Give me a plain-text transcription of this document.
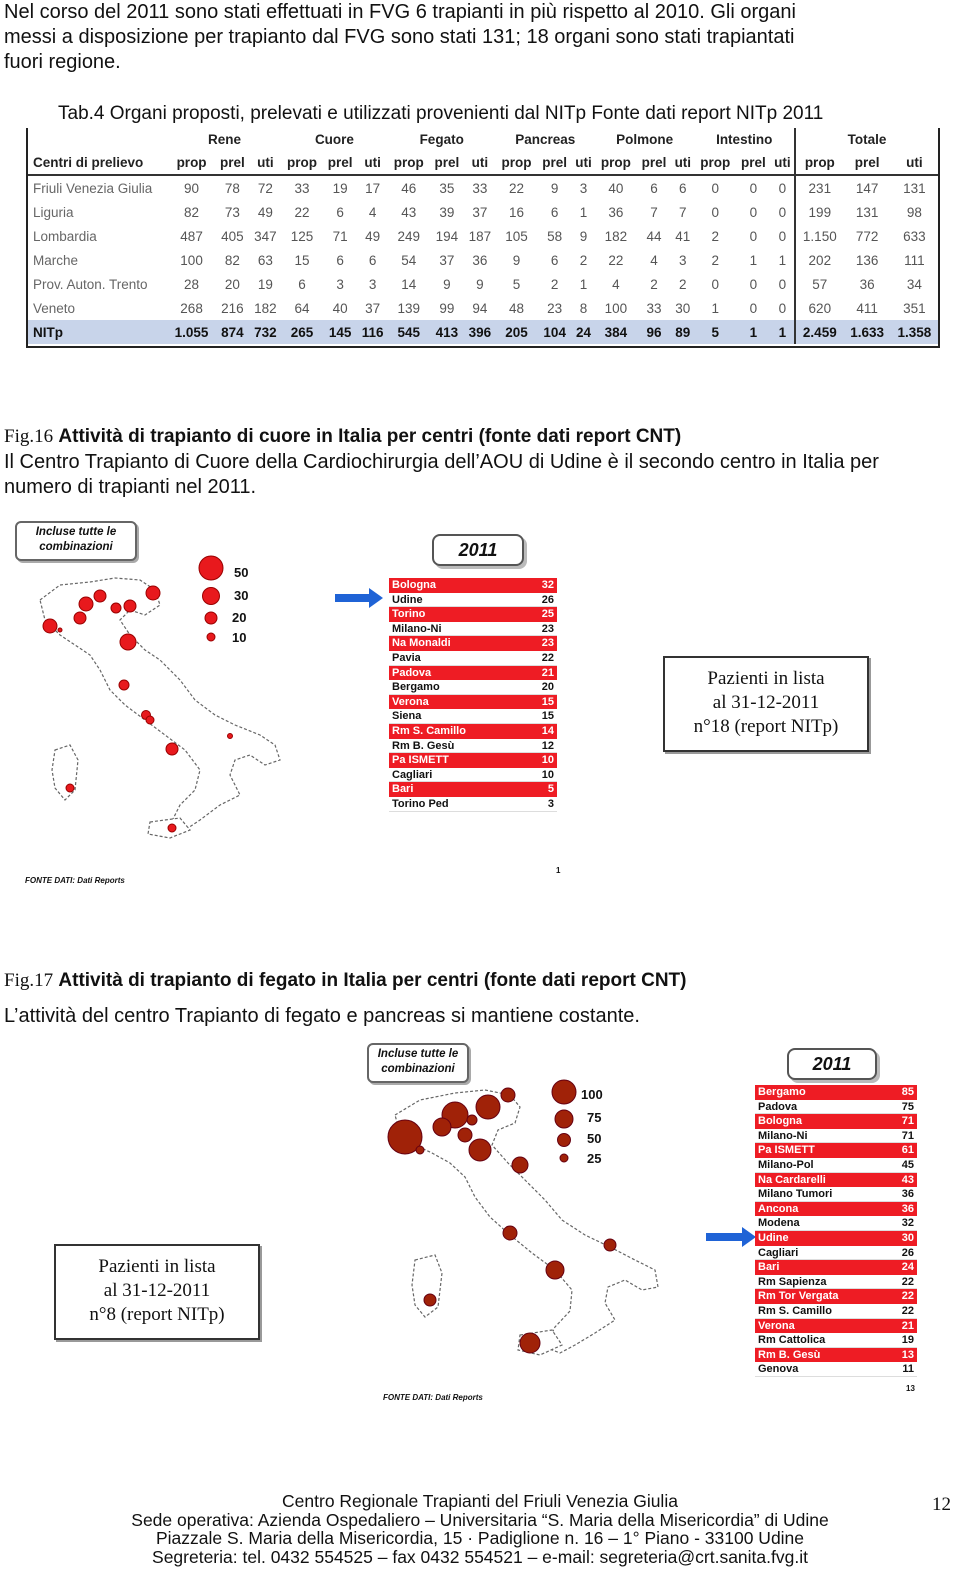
Nel corso del 2011 sono stati effettuati in FVG 6 trapianti in più rispetto al 2010. Gli organi
messi a disposizione per trapianto dal FVG sono stati 131; 18 organi sono stati trapiantati
fuori regione.
Tab.4 Organi proposti, prelevati e utilizzati provenienti dal NITp Fonte dati report NITp 2011
	Rene			Cuore			Fegato			Pancreas			Polmone			Intestino			Totale		
Centri di prelievo	prop	prel	uti	prop	prel	uti	prop	prel	uti	prop	prel	uti	prop	prel	uti	prop	prel	uti	prop	prel	uti
Friuli Venezia Giulia	90	78	72	33	19	17	46	35	33	22	9	3	40	6	6	0	0	0	231	147	131
Liguria	82	73	49	22	6	4	43	39	37	16	6	1	36	7	7	0	0	0	199	131	98
Lombardia	487	405	347	125	71	49	249	194	187	105	58	9	182	44	41	2	0	0	1.150	772	633
Marche	100	82	63	15	6	6	54	37	36	9	6	2	22	4	3	2	1	1	202	136	111
Prov. Auton. Trento	28	20	19	6	3	3	14	9	9	5	2	1	4	2	2	0	0	0	57	36	34
Veneto	268	216	182	64	40	37	139	99	94	48	23	8	100	33	30	1	0	0	620	411	351
NITp	1.055	874	732	265	145	116	545	413	396	205	104	24	384	96	89	5	1	1	2.459	1.633	1.358
Fig.16 Attività di trapianto di cuore in Italia per centri (fonte dati report CNT)
Il Centro Trapianto di Cuore della Cardiochirurgia dell’AOU di Udine è il secondo centro in Italia per
numero di trapianti nel 2011.
Incluse tutte le combinazioni
50
30
20
10
2011
Bologna	32
Udine	26
Torino	25
Milano-Ni	23
Na Monaldi	23
Pavia	22
Padova	21
Bergamo	20
Verona	15
Siena	15
Rm S. Camillo	14
Rm B. Gesù	12
Pa ISMETT	10
Cagliari	10
Bari	5
Torino Ped	3
Pazienti in lista
al 31-12-2011
n°18 (report NITp)
FONTE DATI: Dati Reports
1
Fig.17 Attività di trapianto di fegato in Italia per centri (fonte dati report CNT)
L’attività del centro Trapianto di fegato e pancreas si mantiene costante.
Incluse tutte le combinazioni
100
75
50
25
2011
Bergamo	85
Padova	75
Bologna	71
Milano-Ni	71
Pa ISMETT	61
Milano-Pol	45
Na Cardarelli	43
Milano Tumori	36
Ancona	36
Modena	32
Udine	30
Cagliari	26
Bari	24
Rm Sapienza	22
Rm Tor Vergata	22
Rm S. Camillo	22
Verona	21
Rm Cattolica	19
Rm B. Gesù	13
Genova	11
Pazienti in lista
al 31-12-2011
n°8 (report NITp)
FONTE DATI: Dati Reports
13
Centro Regionale Trapianti del Friuli Venezia Giulia
Sede operativa: Azienda Ospedaliero – Universitaria “S. Maria della Misericordia” di Udine
Piazzale S. Maria della Misericordia, 15 · Padiglione n. 16 – 1° Piano - 33100 Udine
Segreteria: tel. 0432 554525 – fax 0432 554521 – e-mail: segreteria@crt.sanita.fvg.it
12
